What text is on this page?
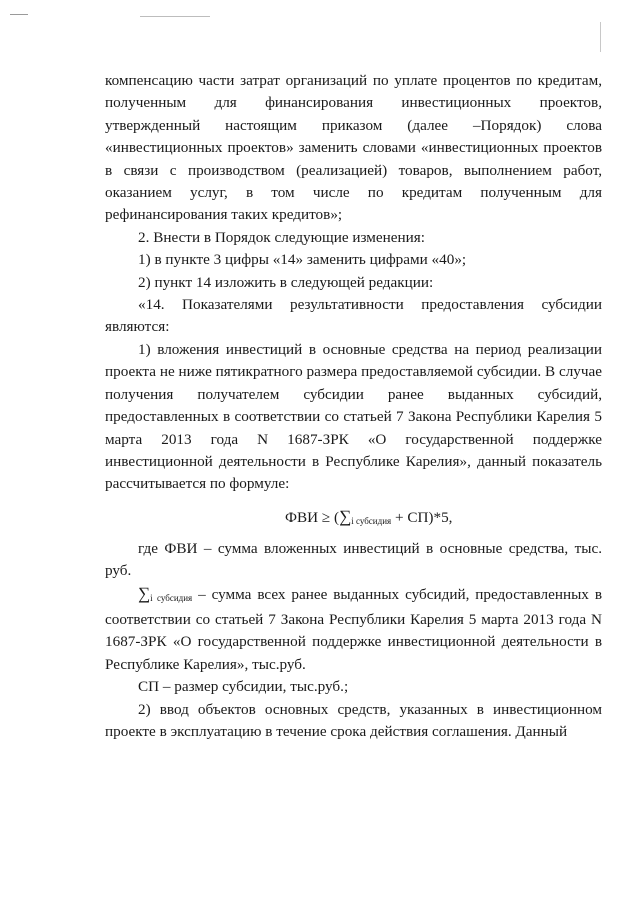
компенсацию части затрат организаций по уплате процентов по кредитам, полученным для финансирования инвестиционных проектов, утвержденный настоящим приказом (далее –Порядок) слова «инвестиционных проектов» заменить словами «инвестиционных проектов в связи с производством (реализацией) товаров, выполнением работ, оказанием услуг, в том числе по кредитам полученным для рефинансирования таких кредитов»;

2. Внести в Порядок следующие изменения:

1) в пункте 3 цифры «14» заменить цифрами «40»;

2) пункт 14 изложить в следующей редакции:

«14. Показателями результативности предоставления субсидии являются:

1) вложения инвестиций в основные средства на период реализации проекта не ниже пятикратного размера предоставляемой субсидии. В случае получения получателем субсидии ранее выданных субсидий, предоставленных в соответствии со статьей 7 Закона Республики Карелия 5 марта 2013 года N 1687-ЗРК «О государственной поддержке инвестиционной деятельности в Республике Карелия», данный показатель рассчитывается по формуле:

ФВИ ≥ $(\sum_{i субсидия} + СП)*5$,

где ФВИ – сумма вложенных инвестиций в основные средства, тыс. руб.

$\sum_{i субсидия}$ – сумма всех ранее выданных субсидий, предоставленных в соответствии со статьей 7 Закона Республики Карелия 5 марта 2013 года N 1687-ЗРК «О государственной поддержке инвестиционной деятельности в Республике Карелия», тыс.руб.

СП – размер субсидии, тыс.руб.;

2) ввод объектов основных средств, указанных в инвестиционном проекте в эксплуатацию в течение срока действия соглашения. Данный
